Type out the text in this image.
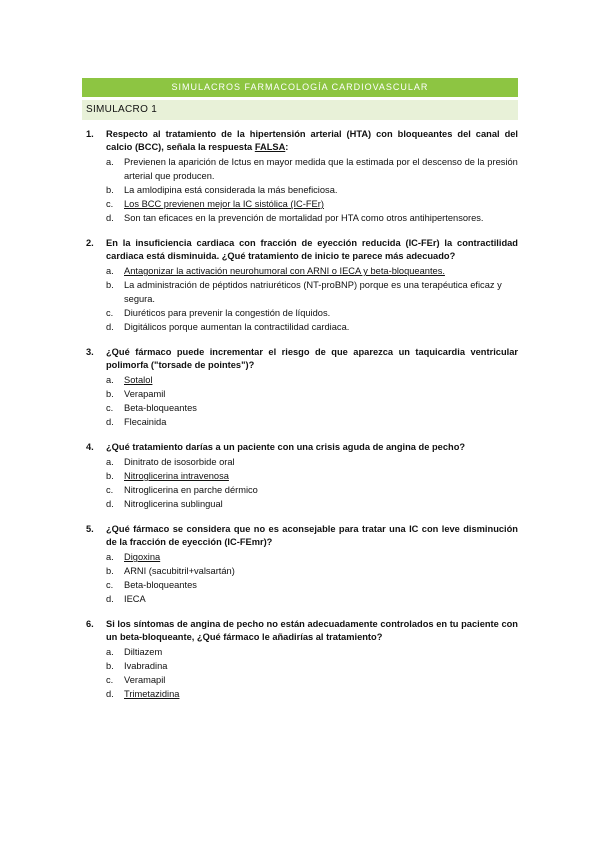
SIMULACROS FARMACOLOGÍA CARDIOVASCULAR
SIMULACRO 1
1. Respecto al tratamiento de la hipertensión arterial (HTA) con bloqueantes del canal del calcio (BCC), señala la respuesta FALSA:
a. Previenen la aparición de Ictus en mayor medida que la estimada por el descenso de la presión arterial que producen.
b. La amlodipina está considerada la más beneficiosa.
c. Los BCC previenen mejor la IC sistólica (IC-FEr)
d. Son tan eficaces en la prevención de mortalidad por HTA como otros antihipertensores.
2. En la insuficiencia cardiaca con fracción de eyección reducida (IC-FEr) la contractilidad cardiaca está disminuida. ¿Qué tratamiento de inicio te parece más adecuado?
a. Antagonizar la activación neurohumoral con ARNI o IECA y beta-bloqueantes.
b. La administración de péptidos natriuréticos (NT-proBNP) porque es una terapéutica eficaz y segura.
c. Diuréticos para prevenir la congestión de líquidos.
d. Digitálicos porque aumentan la contractilidad cardiaca.
3. ¿Qué fármaco puede incrementar el riesgo de que aparezca un taquicardia ventricular polimorfa ("torsade de pointes")?
a. Sotalol
b. Verapamil
c. Beta-bloqueantes
d. Flecainida
4. ¿Qué tratamiento darías a un paciente con una crisis aguda de angina de pecho?
a. Dinitrato de isosorbide oral
b. Nitroglicerina intravenosa
c. Nitroglicerina en parche dérmico
d. Nitroglicerina sublingual
5. ¿Qué fármaco se considera que no es aconsejable para tratar una IC con leve disminución de la fracción de eyección (IC-FEmr)?
a. Digoxina
b. ARNI (sacubitril+valsartán)
c. Beta-bloqueantes
d. IECA
6. Si los síntomas de angina de pecho no están adecuadamente controlados en tu paciente con un beta-bloqueante, ¿Qué fármaco le añadirías al tratamiento?
a. Diltiazem
b. Ivabradina
c. Veramapil
d. Trimetazidina
